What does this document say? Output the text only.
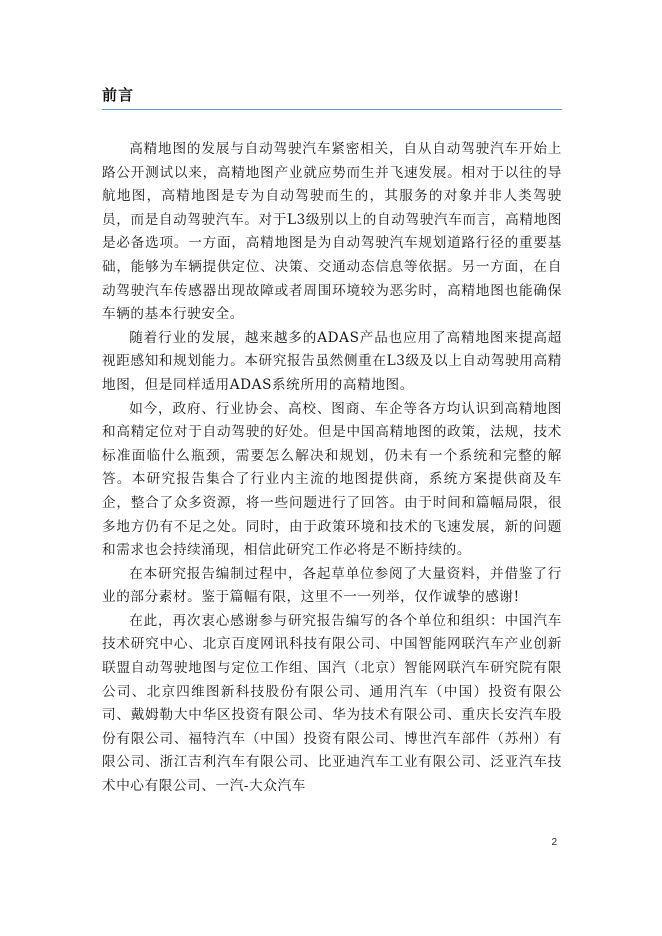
前言

高精地图的发展与自动驾驶汽车紧密相关，自从自动驾驶汽车开始上路公开测试以来，高精地图产业就应势而生并飞速发展。相对于以往的导航地图，高精地图是专为自动驾驶而生的，其服务的对象并非人类驾驶员，而是自动驾驶汽车。对于L3级别以上的自动驾驶汽车而言，高精地图是必备选项。一方面，高精地图是为自动驾驶汽车规划道路行径的重要基础，能够为车辆提供定位、决策、交通动态信息等依据。另一方面，在自动驾驶汽车传感器出现故障或者周围环境较为恶劣时，高精地图也能确保车辆的基本行驶安全。

随着行业的发展，越来越多的ADAS产品也应用了高精地图来提高超视距感知和规划能力。本研究报告虽然侧重在L3级及以上自动驾驶用高精地图，但是同样适用ADAS系统所用的高精地图。

如今，政府、行业协会、高校、图商、车企等各方均认识到高精地图和高精定位对于自动驾驶的好处。但是中国高精地图的政策，法规，技术标准面临什么瓶颈，需要怎么解决和规划，仍未有一个系统和完整的解答。本研究报告集合了行业内主流的地图提供商，系统方案提供商及车企，整合了众多资源，将一些问题进行了回答。由于时间和篇幅局限，很多地方仍有不足之处。同时，由于政策环境和技术的飞速发展，新的问题和需求也会持续涌现，相信此研究工作必将是不断持续的。

在本研究报告编制过程中，各起草单位参阅了大量资料，并借鉴了行业的部分素材。鉴于篇幅有限，这里不一一列举，仅作诚挚的感谢!

在此，再次衷心感谢参与研究报告编写的各个单位和组织：中国汽车技术研究中心、北京百度网讯科技有限公司、中国智能网联汽车产业创新联盟自动驾驶地图与定位工作组、国汽（北京）智能网联汽车研究院有限公司、北京四维图新科技股份有限公司、通用汽车（中国）投资有限公司、戴姆勒大中华区投资有限公司、华为技术有限公司、重庆长安汽车股份有限公司、福特汽车（中国）投资有限公司、博世汽车部件（苏州）有限公司、浙江吉利汽车有限公司、比亚迪汽车工业有限公司、泛亚汽车技术中心有限公司、一汽-大众汽车

2
